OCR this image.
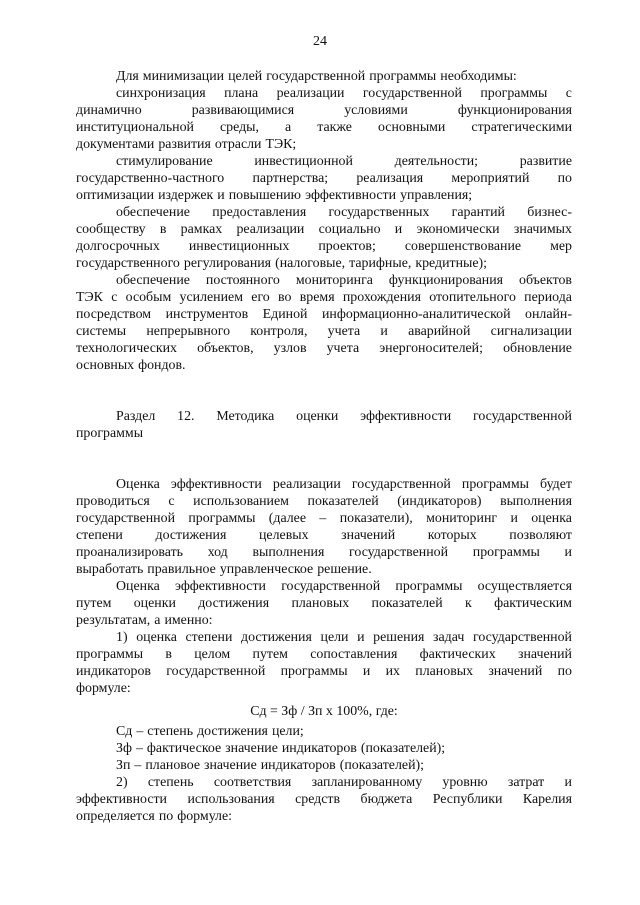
24
Для минимизации целей государственной программы необходимы:
синхронизация плана реализации государственной программы с
динамично	развивающимися	условиями	функционирования
институциональной среды, а также основными стратегическими
документами развития отрасли ТЭК;
стимулирование	инвестиционной	деятельности;	развитие
государственно-частного партнерства; реализация мероприятий по
оптимизации издержек и повышению эффективности управления;
обеспечение предоставления государственных гарантий бизнес-
сообществу в рамках реализации социально и экономически значимых
долгосрочных инвестиционных проектов; совершенствование мер
государственного регулирования (налоговые, тарифные, кредитные);
обеспечение постоянного мониторинга функционирования объектов
ТЭК с особым усилением его во время прохождения отопительного периода
посредством инструментов Единой информационно-аналитической онлайн-
системы непрерывного контроля, учета и аварийной сигнализации
технологических объектов, узлов учета энергоносителей; обновление
основных фондов.
Раздел 12. Методика оценки эффективности государственной
программы
Оценка эффективности реализации государственной программы будет
проводиться с использованием показателей (индикаторов) выполнения
государственной программы (далее – показатели), мониторинг и оценка
степени достижения целевых значений которых позволяют
проанализировать ход выполнения государственной программы и
выработать правильное управленческое решение.
Оценка эффективности государственной программы осуществляется
путем оценки достижения плановых показателей к фактическим
результатам, а именно:
1) оценка степени достижения цели и решения задач государственной
программы в целом путем сопоставления фактических значений
индикаторов государственной программы и их плановых значений по
формуле:
Сд = Зф / Зп х 100%, где:
Сд – степень достижения цели;
Зф – фактическое значение индикаторов (показателей);
Зп – плановое значение индикаторов (показателей);
2) степень соответствия запланированному уровню затрат и
эффективности использования средств бюджета Республики Карелия
определяется по формуле:
